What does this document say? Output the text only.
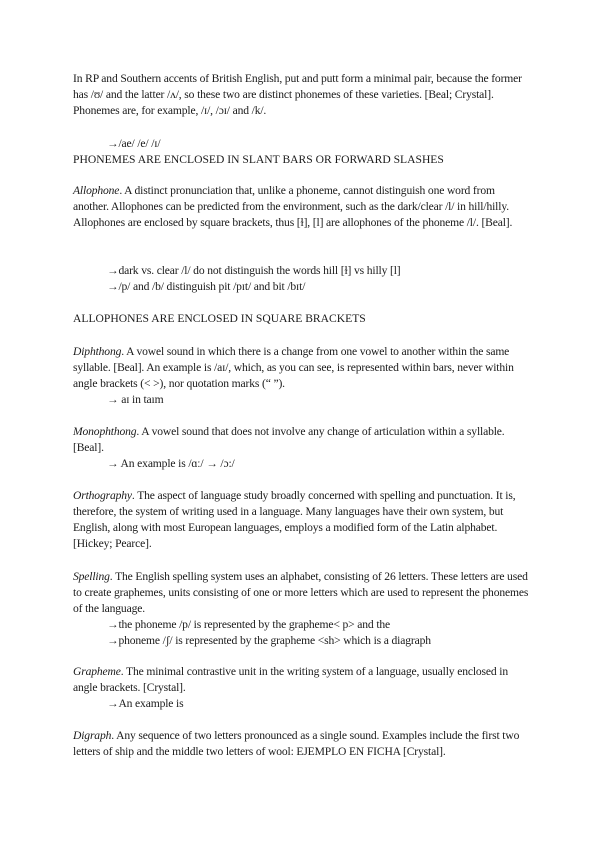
In RP and Southern accents of British English, put and putt form a minimal pair, because the former has /ʊ/ and the latter /ʌ/, so these two are distinct phonemes of these varieties. [Beal; Crystal]. Phonemes are, for example, /ɪ/, /ɔɪ/ and /k/.

→/ae/ /e/ /ɪ/

PHONEMES ARE ENCLOSED IN SLANT BARS OR FORWARD SLASHES

Allophone. A distinct pronunciation that, unlike a phoneme, cannot distinguish one word from another. Allophones can be predicted from the environment, such as the dark/clear /l/ in hill/hilly. Allophones are enclosed by square brackets, thus [ɫ], [l] are allophones of the phoneme /l/. [Beal].

→dark vs. clear /l/ do not distinguish the words hill [ɫ] vs hilly [l]

→/p/ and /b/ distinguish pit /pɪt/ and bit /bɪt/

ALLOPHONES ARE ENCLOSED IN SQUARE BRACKETS

Diphthong. A vowel sound in which there is a change from one vowel to another within the same syllable. [Beal]. An example is /aɪ/, which, as you can see, is represented within bars, never within angle brackets (< >), nor quotation marks (“ ”).

→ aɪ in taım

Monophthong. A vowel sound that does not involve any change of articulation within a syllable. [Beal].

→ An example is /ɑː/ → /ɔ:/

Orthography. The aspect of language study broadly concerned with spelling and punctuation. It is, therefore, the system of writing used in a language. Many languages have their own system, but English, along with most European languages, employs a modified form of the Latin alphabet. [Hickey; Pearce].

Spelling. The English spelling system uses an alphabet, consisting of 26 letters. These letters are used to create graphemes, units consisting of one or more letters which are used to represent the phonemes of the language.

→the phoneme /p/ is represented by the grapheme< p> and the

→phoneme /ʃ/ is represented by the grapheme <sh> which is a diagraph

Grapheme. The minimal contrastive unit in the writing system of a language, usually enclosed in angle brackets. [Crystal].

→An example is

Digraph. Any sequence of two letters pronounced as a single sound. Examples include the first two letters of ship and the middle two letters of wool: EJEMPLO EN FICHA [Crystal].
